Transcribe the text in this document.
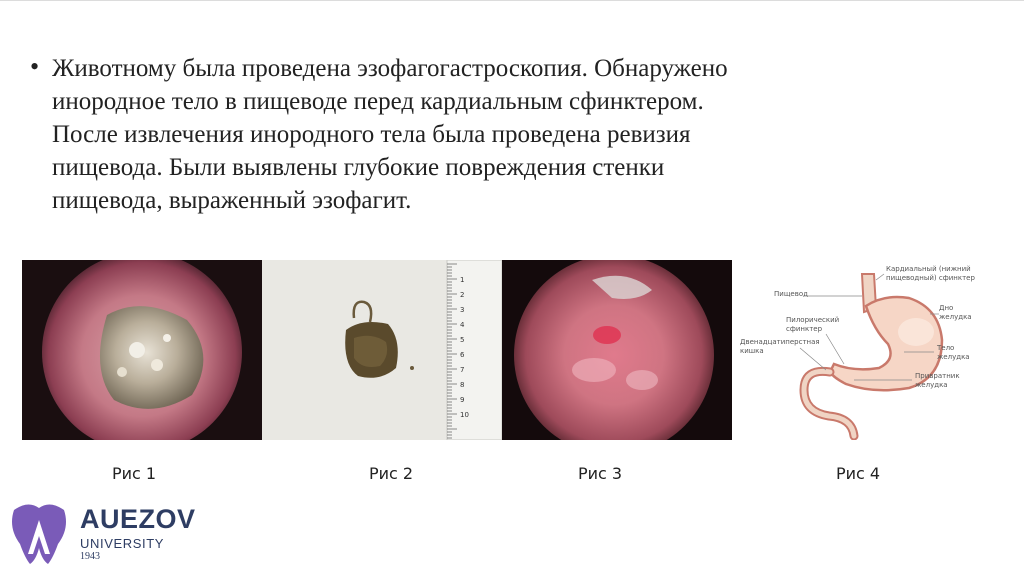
• Животному была проведена эзофагогастроскопия. Обнаружено
инородное тело в пищеводе перед кардиальным сфинктером.
После извлечения инородного тела была проведена ревизия
пищевода. Были выявлены глубокие повреждения стенки
пищевода, выраженный эзофагит.

1
2
3
4
5
6
7
8
9
10
Кардиальный (нижний
пищеводный) сфинктер
Пищевод
Дно
желудка
Пилорический
сфинктер
Двенадцатиперстная
кишка	Тело
желудка
Привратник
желудка
Рис 1	Рис 2	Рис 3	Рис 4
AUEZOV
UNIVERSITY
1943
